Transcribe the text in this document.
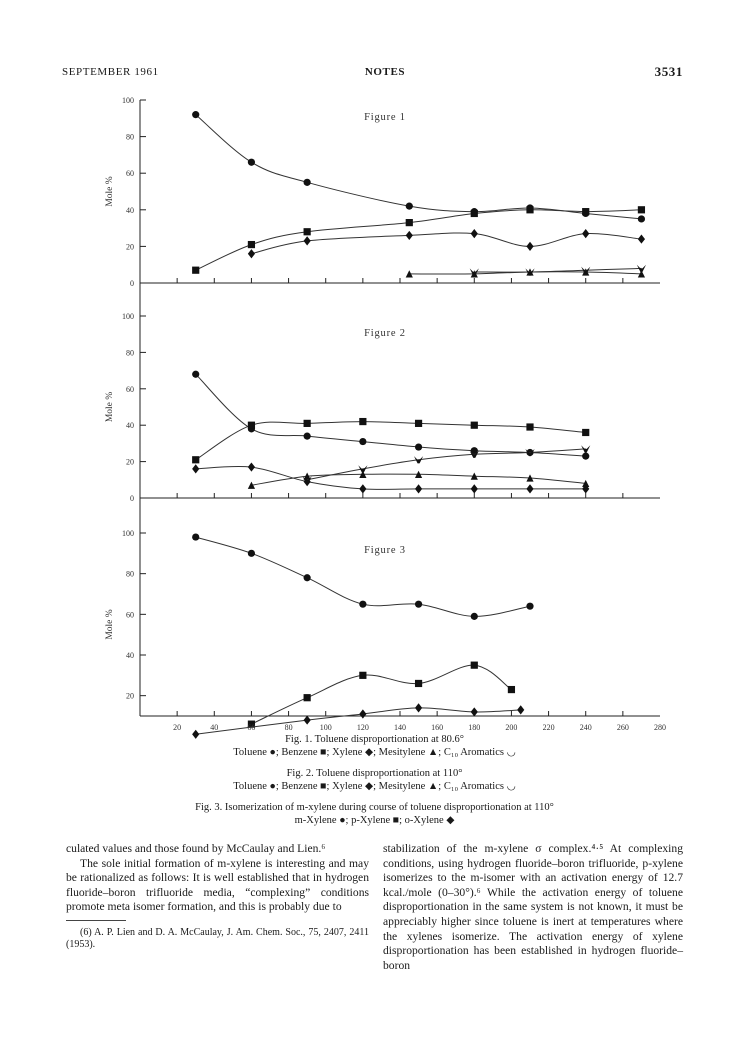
SEPTEMBER 1961	NOTES	3531
Figure 1
Mole %
0
20
40
60
80
100
Figure 2
Mole %
0
20
40
60
80
100
Figure 3
Mole %
20
40
60
80
100
20	40	60	80	100	120	140	160	180	200	220	240	260	280
Fig. 1. Toluene disproportionation at 80.6°
Toluene ●; Benzene ■; Xylene ◆; Mesitylene ▲; C₁₀ Aromatics ◡
Fig. 2. Toluene disproportionation at 110°
Toluene ●; Benzene ■; Xylene ◆; Mesitylene ▲; C₁₀ Aromatics ◡
Fig. 3. Isomerization of m-xylene during course of toluene disproportionation at 110°
m-Xylene ●; p-Xylene ■; o-Xylene ◆

culated values and those found by McCaulay and Lien.⁶

The sole initial formation of m-xylene is interesting and may be rationalized as follows: It is well established that in hydrogen fluoride–boron trifluoride media, “complexing” conditions promote meta isomer formation, and this is probably due to

(6) A. P. Lien and D. A. McCaulay, J. Am. Chem. Soc., 75, 2407, 2411 (1953).

stabilization of the m-xylene σ complex.⁴·⁵ At complexing conditions, using hydrogen fluoride–boron trifluoride, p-xylene isomerizes to the m-isomer with an activation energy of 12.7 kcal./mole (0–30°).⁶ While the activation energy of toluene disproportionation in the same system is not known, it must be appreciably higher since toluene is inert at temperatures where the xylenes isomerize. The activation energy of xylene disproportionation has been established in hydrogen fluoride–boron
